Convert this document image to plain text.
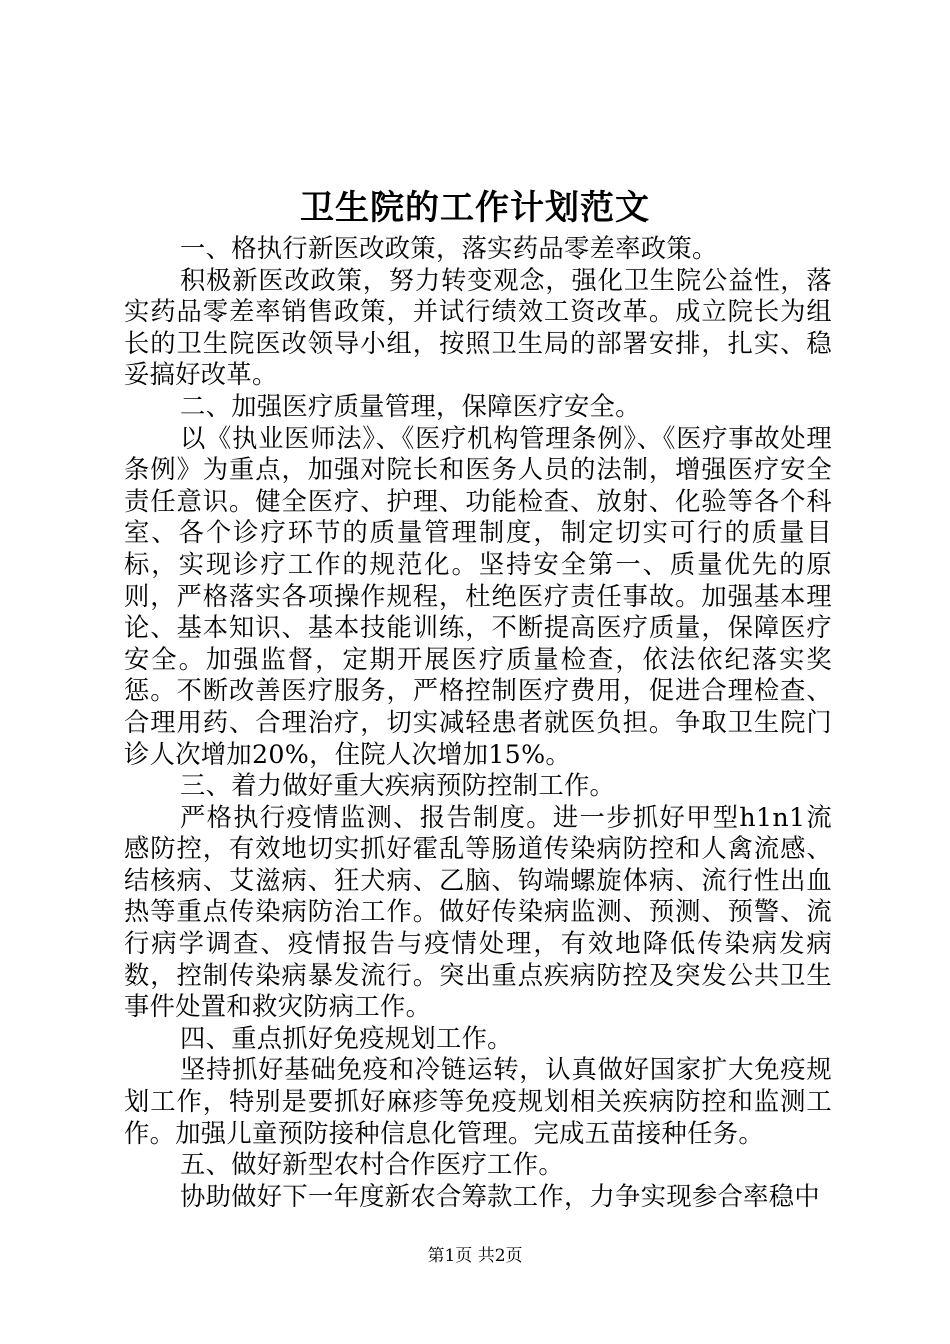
卫生院的工作计划范文

一、格执行新医改政策，落实药品零差率政策。

积极新医改政策，努力转变观念，强化卫生院公益性，落实药品零差率销售政策，并试行绩效工资改革。成立院长为组长的卫生院医改领导小组，按照卫生局的部署安排，扎实、稳妥搞好改革。

二、加强医疗质量管理，保障医疗安全。

以《执业医师法》、《医疗机构管理条例》、《医疗事故处理条例》为重点，加强对院长和医务人员的法制，增强医疗安全责任意识。健全医疗、护理、功能检查、放射、化验等各个科室、各个诊疗环节的质量管理制度，制定切实可行的质量目标，实现诊疗工作的规范化。坚持安全第一、质量优先的原则，严格落实各项操作规程，杜绝医疗责任事故。加强基本理论、基本知识、基本技能训练，不断提高医疗质量，保障医疗安全。加强监督，定期开展医疗质量检查，依法依纪落实奖惩。不断改善医疗服务，严格控制医疗费用，促进合理检查、合理用药、合理治疗，切实减轻患者就医负担。争取卫生院门诊人次增加20%，住院人次增加15%。

三、着力做好重大疾病预防控制工作。

严格执行疫情监测、报告制度。进一步抓好甲型h1n1流感防控，有效地切实抓好霍乱等肠道传染病防控和人禽流感、结核病、艾滋病、狂犬病、乙脑、钩端螺旋体病、流行性出血热等重点传染病防治工作。做好传染病监测、预测、预警、流行病学调查、疫情报告与疫情处理，有效地降低传染病发病数，控制传染病暴发流行。突出重点疾病防控及突发公共卫生事件处置和救灾防病工作。

四、重点抓好免疫规划工作。

坚持抓好基础免疫和冷链运转，认真做好国家扩大免疫规划工作，特别是要抓好麻疹等免疫规划相关疾病防控和监测工作。加强儿童预防接种信息化管理。完成五苗接种任务。

五、做好新型农村合作医疗工作。

协助做好下一年度新农合筹款工作，力争实现参合率稳中

第1页 共2页
